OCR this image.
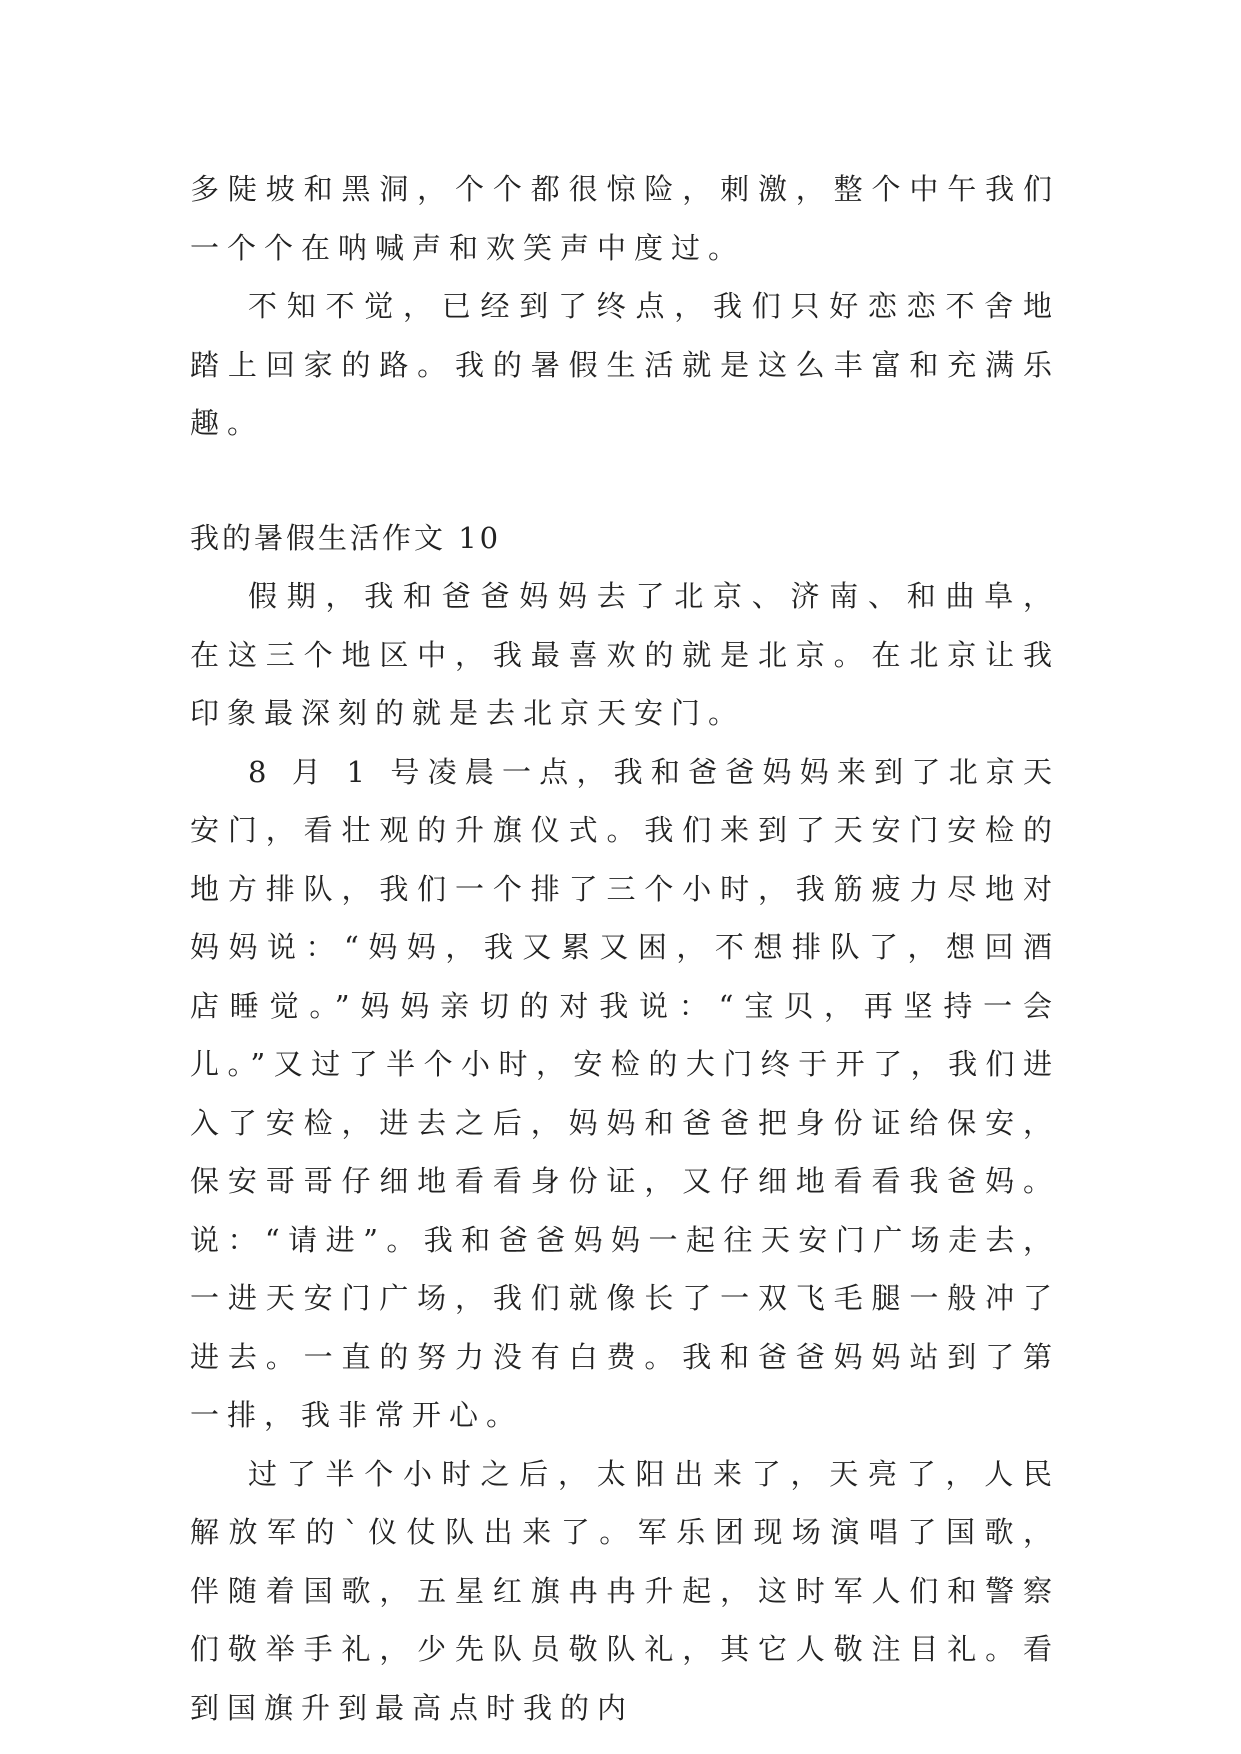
多陡坡和黑洞，个个都很惊险，刺激，整个中午我们一个个在呐喊声和欢笑声中度过。

不知不觉，已经到了终点，我们只好恋恋不舍地踏上回家的路。我的暑假生活就是这么丰富和充满乐趣。

我的暑假生活作文 10

假期，我和爸爸妈妈去了北京、济南、和曲阜，在这三个地区中，我最喜欢的就是北京。在北京让我印象最深刻的就是去北京天安门。

8 月 1 号凌晨一点，我和爸爸妈妈来到了北京天安门，看壮观的升旗仪式。我们来到了天安门安检的地方排队，我们一个排了三个小时，我筋疲力尽地对妈妈说：“妈妈，我又累又困，不想排队了，想回酒店睡觉。”妈妈亲切的对我说：“宝贝，再坚持一会儿。”又过了半个小时，安检的大门终于开了，我们进入了安检，进去之后，妈妈和爸爸把身份证给保安，保安哥哥仔细地看看身份证，又仔细地看看我爸妈。说：“请进”。我和爸爸妈妈一起往天安门广场走去，一进天安门广场，我们就像长了一双飞毛腿一般冲了进去。一直的努力没有白费。我和爸爸妈妈站到了第一排，我非常开心。

过了半个小时之后，太阳出来了，天亮了，人民解放军的`仪仗队出来了。军乐团现场演唱了国歌，伴随着国歌，五星红旗冉冉升起，这时军人们和警察们敬举手礼，少先队员敬队礼，其它人敬注目礼。看到国旗升到最高点时我的内
